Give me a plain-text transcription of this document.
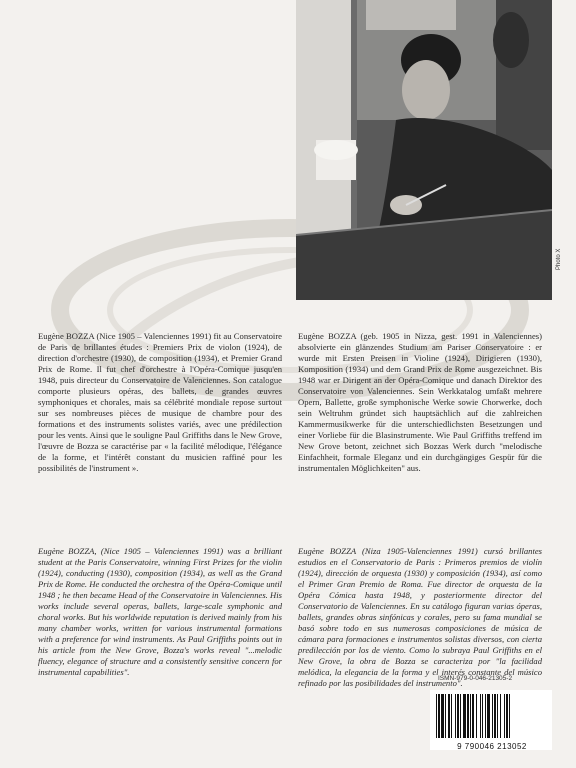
Photo X

Eugène BOZZA (Nice 1905 – Valenciennes 1991) fit au Conservatoire de Paris de brillantes études : Premiers Prix de violon (1924), de direction d'orchestre (1930), de composition (1934), et Premier Grand Prix de Rome. Il fut chef d'orchestre à l'Opéra-Comique jusqu'en 1948, puis directeur du Conservatoire de Valenciennes. Son catalogue comporte plusieurs opéras, des ballets, de grandes œuvres symphoniques et chorales, mais sa célébrité mondiale repose surtout sur ses nombreuses pièces de musique de chambre pour des formations et des instruments solistes variés, avec une prédilection pour les vents. Ainsi que le souligne Paul Griffiths dans le New Grove, l'œuvre de Bozza se caractérise par « la facilité mélodique, l'élégance de la forme, et l'intérêt constant du musicien raffiné pour les possibilités de l'instrument ».

Eugène BOZZA (geb. 1905 in Nizza, gest. 1991 in Valenciennes) absolvierte ein glänzendes Studium am Pariser Conservatoire : er wurde mit Ersten Preisen in Violine (1924), Dirigieren (1930), Komposition (1934) und dem Grand Prix de Rome ausgezeichnet. Bis 1948 war er Dirigent an der Opéra-Comique und danach Direktor des Conservatoire von Valenciennes. Sein Werkkatalog umfaßt mehrere Opern, Ballette, große symphonische Werke sowie Chorwerke, doch sein Weltruhm gründet sich hauptsächlich auf die zahlreichen Kammermusikwerke für die unterschiedlichsten Besetzungen und einer Vorliebe für die Blasinstrumente. Wie Paul Griffiths treffend im New Grove betont, zeichnet sich Bozzas Werk durch "melodische Einfachheit, formale Eleganz und ein durchgängiges Gespür für die instrumentalen Möglichkeiten" aus.

Eugène BOZZA, (Nice 1905 – Valenciennes 1991) was a brilliant student at the Paris Conservatoire, winning First Prizes for the violin (1924), conducting (1930), composition (1934), as well as the Grand Prix de Rome. He conducted the orchestra of the Opéra-Comique until 1948 ; he then became Head of the Conservatoire in Valenciennes. His works include several operas, ballets, large-scale symphonic and choral works. But his worldwide reputation is derived mainly from his many chamber works, written for various instrumental formations with a preference for wind instruments. As Paul Griffiths points out in his article from the New Grove, Bozza's works reveal "...melodic fluency, elegance of structure and a consistently sensitive concern for instrumental capabilities".

Eugène BOZZA (Niza 1905-Valenciennes 1991) cursó brillantes estudios en el Conservatorio de Paris : Primeros premios de violín (1924), dirección de orquesta (1930) y composición (1934), así como el Primer Gran Premio de Roma. Fue director de orquesta de la Opéra Cómica hasta 1948, y posteriormente director del Conservatorio de Valenciennes. En su catálogo figuran varias óperas, ballets, grandes obras sinfónicas y corales, pero su fama mundial se basó sobre todo en sus numerosas composiciones de música de cámara para formaciones e instrumentos solistas diversos, con cierta predilección por los de viento. Como lo subraya Paul Griffiths en el New Grove, la obra de Bozza se caracteriza por "la facilidad melódica, la elegancia de la forma y el interés constante del músico refinado por las posibilidades del instrumento".

ISMN-979-0-046-21305-2
9 790046 213052
